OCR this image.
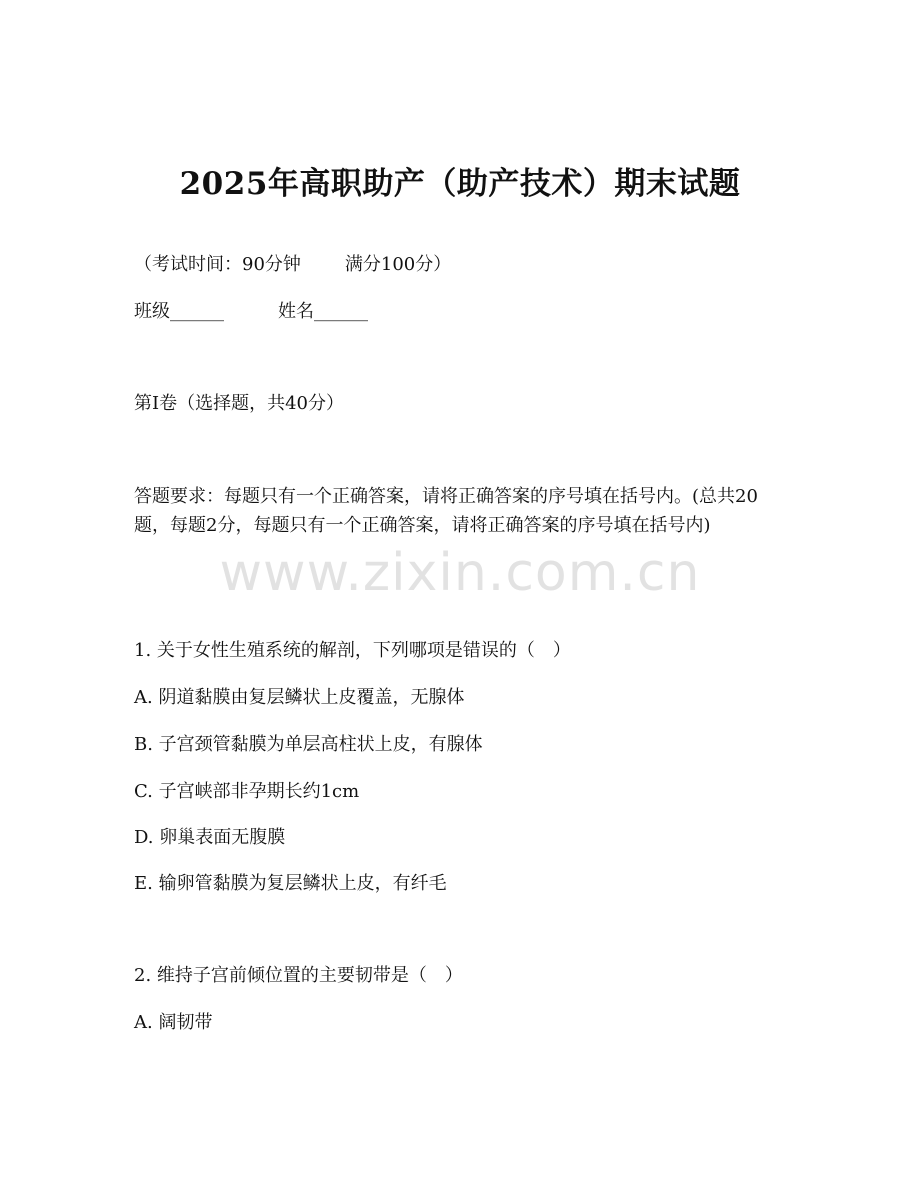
2025年高职助产（助产技术）期末试题
（考试时间：90分钟 满分100分）
班级______	姓名______
第Ⅰ卷（选择题，共40分）
答题要求：每题只有一个正确答案，请将正确答案的序号填在括号内。(总共20题，每题2分，每题只有一个正确答案，请将正确答案的序号填在括号内)
www.zixin.com.cn
1. 关于女性生殖系统的解剖，下列哪项是错误的（　）
A. 阴道黏膜由复层鳞状上皮覆盖，无腺体
B. 子宫颈管黏膜为单层高柱状上皮，有腺体
C. 子宫峡部非孕期长约1cm
D. 卵巢表面无腹膜
E. 输卵管黏膜为复层鳞状上皮，有纤毛
2. 维持子宫前倾位置的主要韧带是（　）
A. 阔韧带
